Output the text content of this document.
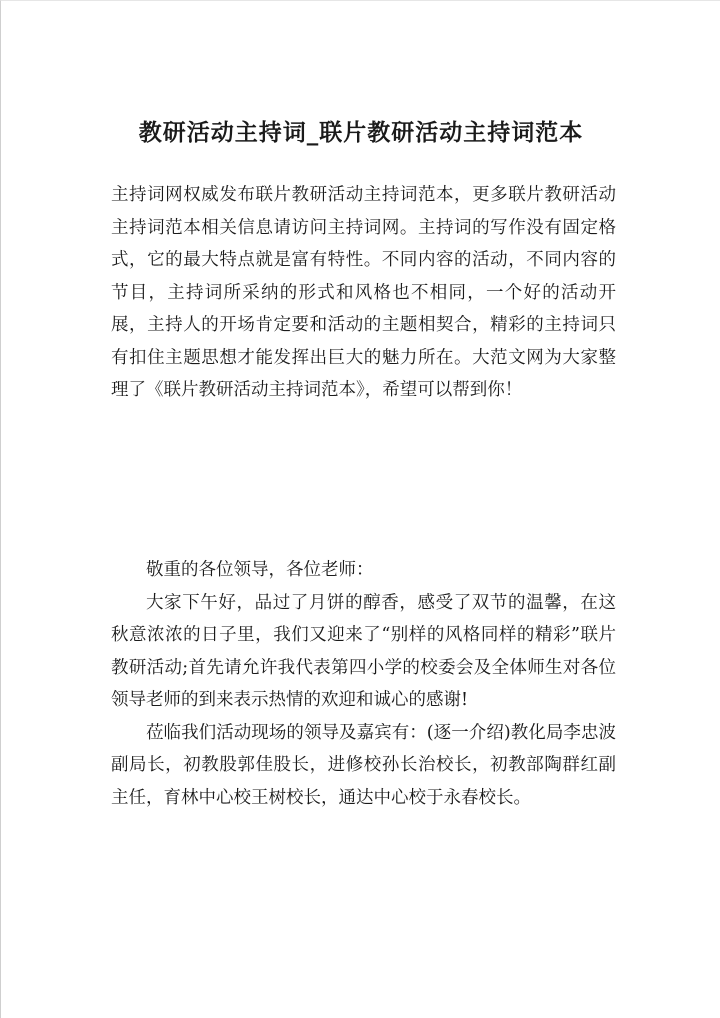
教研活动主持词_联片教研活动主持词范本

主持词网权威发布联片教研活动主持词范本，更多联片教研活动主持词范本相关信息请访问主持词网。主持词的写作没有固定格式，它的最大特点就是富有特性。不同内容的活动，不同内容的节目，主持词所采纳的形式和风格也不相同，一个好的活动开展，主持人的开场肯定要和活动的主题相契合，精彩的主持词只有扣住主题思想才能发挥出巨大的魅力所在。大范文网为大家整理了《联片教研活动主持词范本》，希望可以帮到你！

敬重的各位领导，各位老师：

大家下午好，品过了月饼的醇香，感受了双节的温馨，在这秋意浓浓的日子里，我们又迎来了“别样的风格同样的精彩”联片教研活动;首先请允许我代表第四小学的校委会及全体师生对各位领导老师的到来表示热情的欢迎和诚心的感谢!

莅临我们活动现场的领导及嘉宾有：(逐一介绍)教化局李忠波副局长，初教股郭佳股长，进修校孙长治校长，初教部陶群红副主任，育林中心校王树校长，通达中心校于永春校长。
